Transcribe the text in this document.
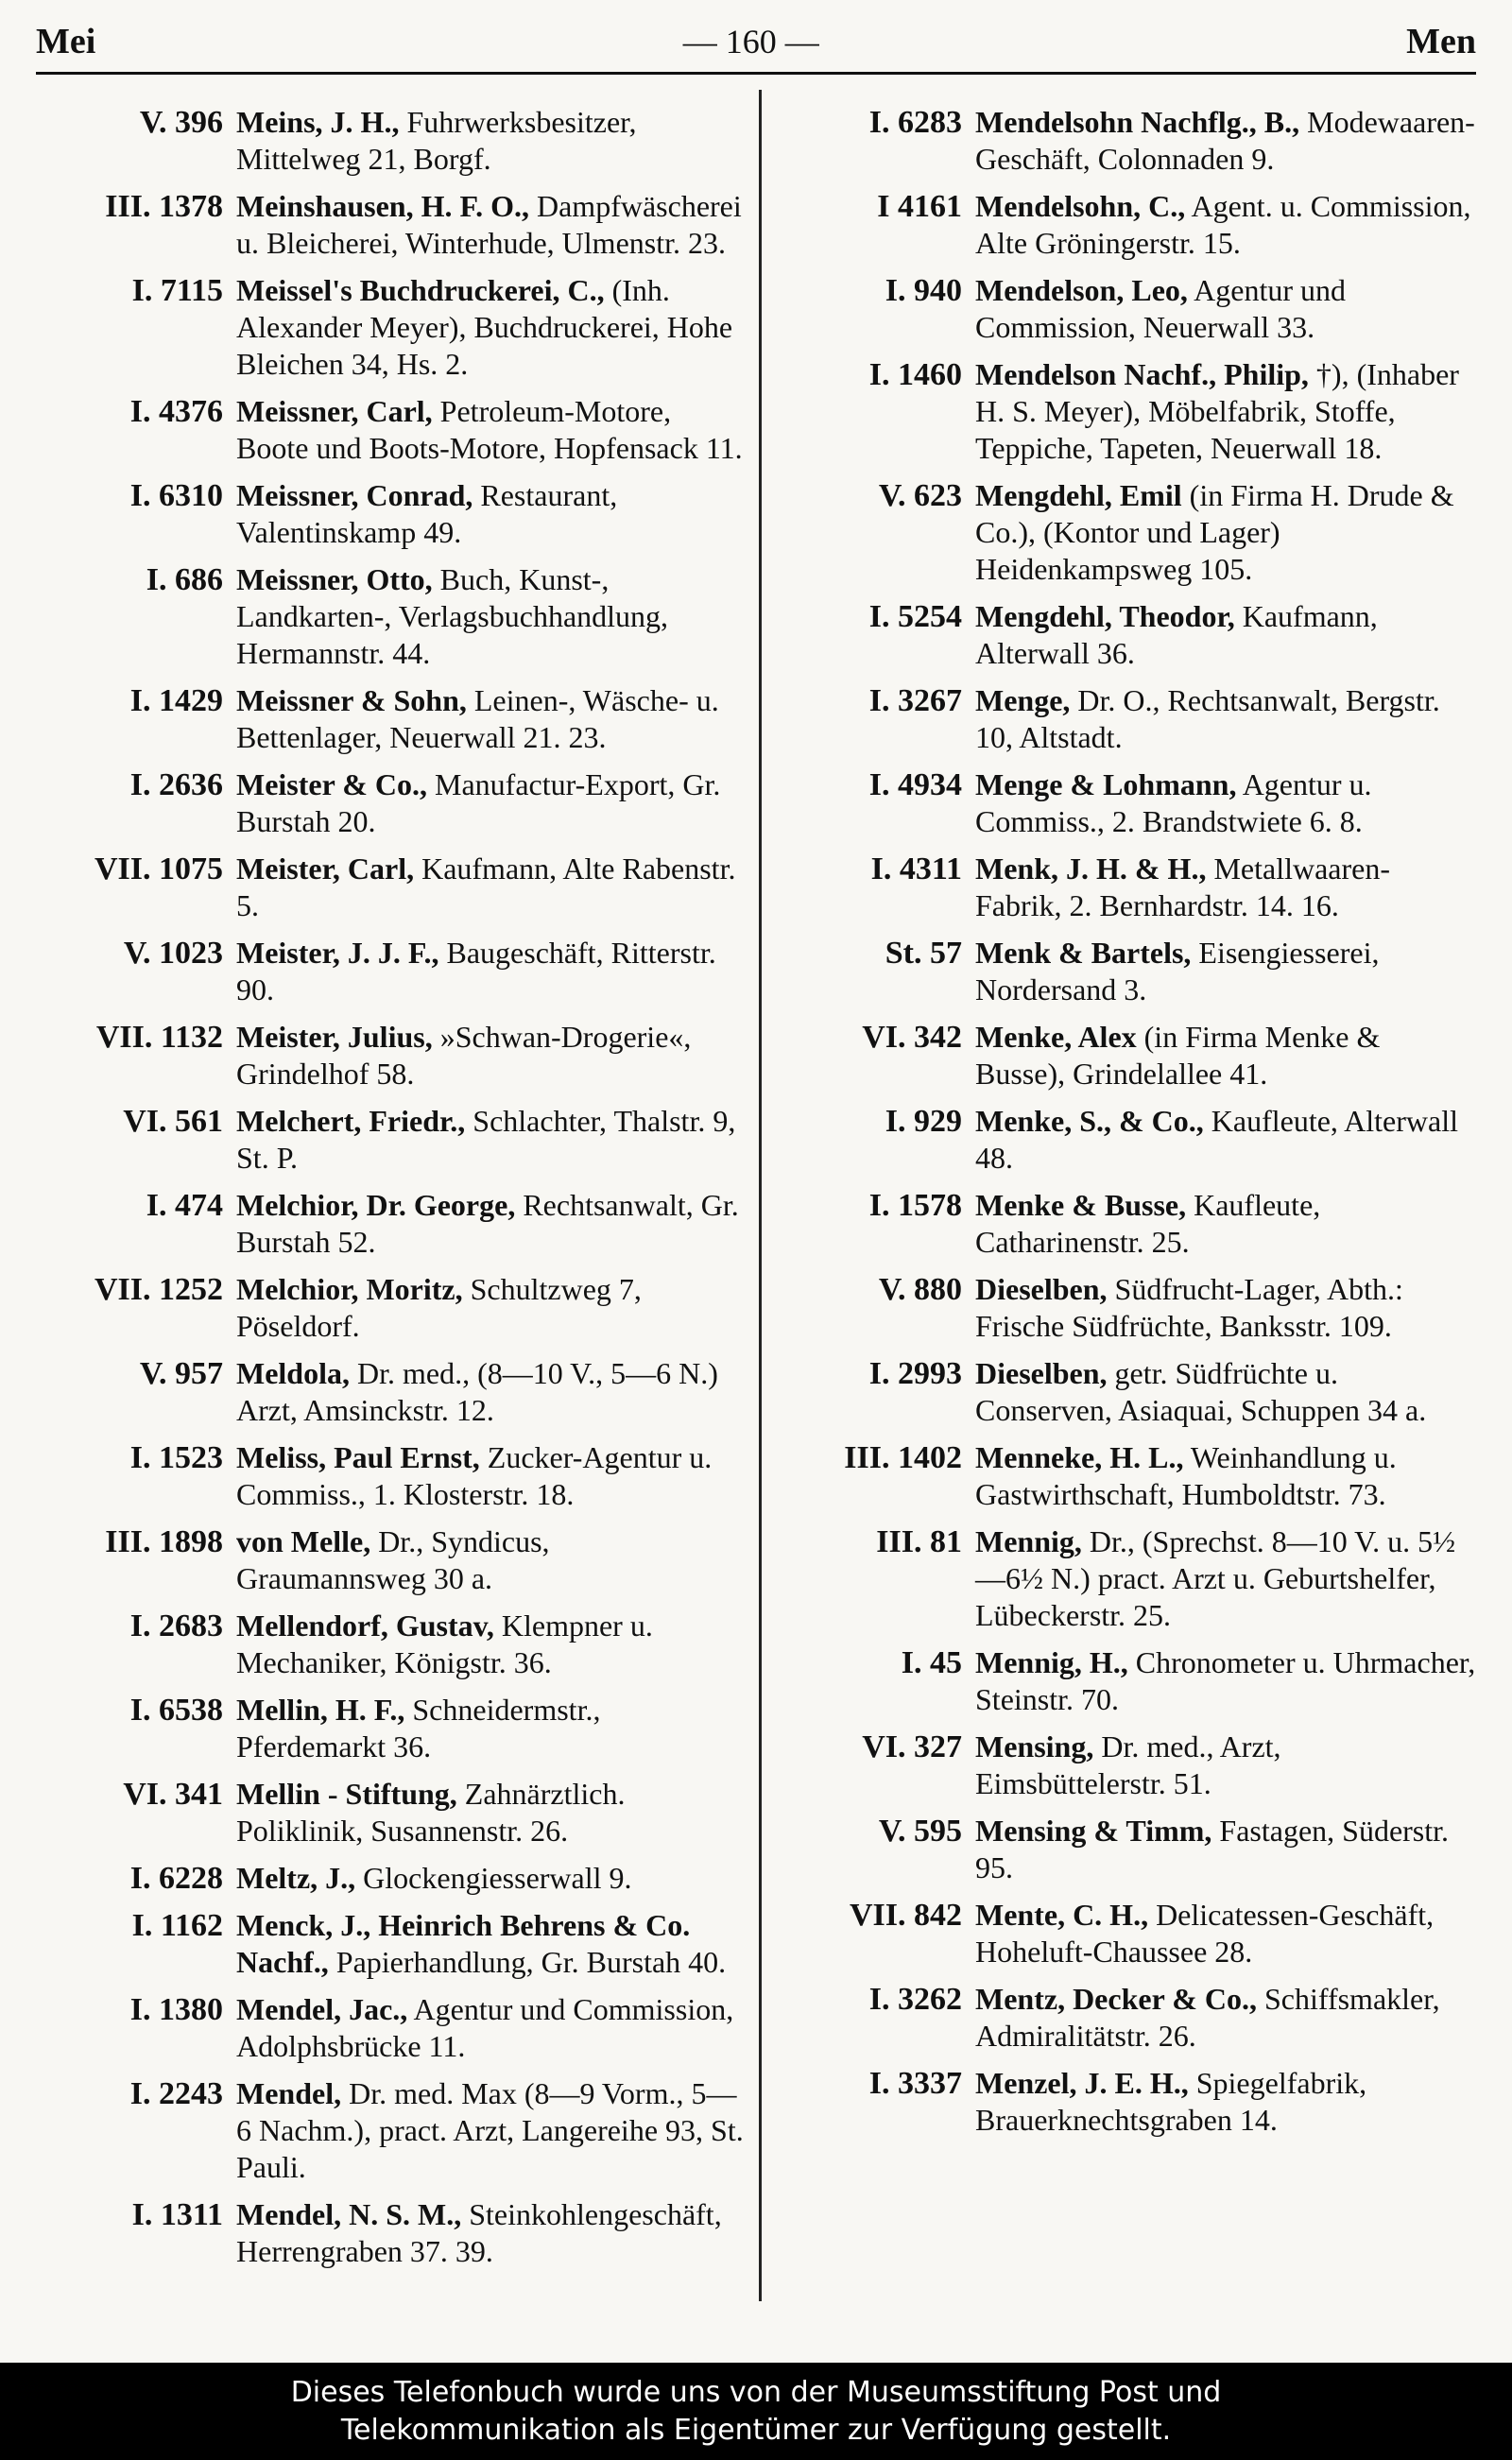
Mei	— 160 —	Men
V. 396 Meins, J. H., Fuhrwerksbesitzer, Mittelweg 21, Borgf.
III. 1378 Meinshausen, H. F. O., Dampfwäscherei u. Bleicherei, Winterhude, Ulmenstr. 23.
I. 7115 Meissel's Buchdruckerei, C., (Inh. Alexander Meyer), Buchdruckerei, Hohe Bleichen 34, Hs. 2.
I. 4376 Meissner, Carl, Petroleum-Motore, Boote und Boots-Motore, Hopfensack 11.
I. 6310 Meissner, Conrad, Restaurant, Valentinskamp 49.
I. 686 Meissner, Otto, Buch, Kunst-, Landkarten-, Verlagsbuchhandlung, Hermannstr. 44.
I. 1429 Meissner & Sohn, Leinen-, Wäsche- u. Bettenlager, Neuerwall 21. 23.
I. 2636 Meister & Co., Manufactur-Export, Gr. Burstah 20.
VII. 1075 Meister, Carl, Kaufmann, Alte Rabenstr. 5.
V. 1023 Meister, J. J. F., Baugeschäft, Ritterstr. 90.
VII. 1132 Meister, Julius, »Schwan-Drogerie«, Grindelhof 58.
VI. 561 Melchert, Friedr., Schlachter, Thalstr. 9, St. P.
I. 474 Melchior, Dr. George, Rechtsanwalt, Gr. Burstah 52.
VII. 1252 Melchior, Moritz, Schultzweg 7, Pöseldorf.
V. 957 Meldola, Dr. med., (8—10 V., 5—6 N.) Arzt, Amsinckstr. 12.
I. 1523 Meliss, Paul Ernst, Zucker-Agentur u. Commiss., 1. Klosterstr. 18.
III. 1898 von Melle, Dr., Syndicus, Graumannsweg 30 a.
I. 2683 Mellendorf, Gustav, Klempner u. Mechaniker, Königstr. 36.
I. 6538 Mellin, H. F., Schneidermstr., Pferdemarkt 36.
VI. 341 Mellin - Stiftung, Zahnärztlich. Poliklinik, Susannenstr. 26.
I. 6228 Meltz, J., Glockengiesserwall 9.
I. 1162 Menck, J., Heinrich Behrens & Co. Nachf., Papierhandlung, Gr. Burstah 40.
I. 1380 Mendel, Jac., Agentur und Commission, Adolphsbrücke 11.
I. 2243 Mendel, Dr. med. Max (8—9 Vorm., 5—6 Nachm.), pract. Arzt, Langereihe 93, St. Pauli.
I. 1311 Mendel, N. S. M., Steinkohlengeschäft, Herrengraben 37. 39.
I. 6283 Mendelsohn Nachflg., B., Modewaaren-Geschäft, Colonnaden 9.
I 4161 Mendelsohn, C., Agent. u. Commission, Alte Gröningerstr. 15.
I. 940 Mendelson, Leo, Agentur und Commission, Neuerwall 33.
I. 1460 Mendelson Nachf., Philip, †), (Inhaber H. S. Meyer), Möbelfabrik, Stoffe, Teppiche, Tapeten, Neuerwall 18.
V. 623 Mengdehl, Emil (in Firma H. Drude & Co.), (Kontor und Lager) Heidenkampsweg 105.
I. 5254 Mengdehl, Theodor, Kaufmann, Alterwall 36.
I. 3267 Menge, Dr. O., Rechtsanwalt, Bergstr. 10, Altstadt.
I. 4934 Menge & Lohmann, Agentur u. Commiss., 2. Brandstwiete 6. 8.
I. 4311 Menk, J. H. & H., Metallwaaren-Fabrik, 2. Bernhardstr. 14. 16.
St. 57 Menk & Bartels, Eisengiesserei, Nordersand 3.
VI. 342 Menke, Alex (in Firma Menke & Busse), Grindelallee 41.
I. 929 Menke, S., & Co., Kaufleute, Alterwall 48.
I. 1578 Menke & Busse, Kaufleute, Catharinenstr. 25.
V. 880 Dieselben, Südfrucht-Lager, Abth.: Frische Südfrüchte, Banksstr. 109.
I. 2993 Dieselben, getr. Südfrüchte u. Conserven, Asiaquai, Schuppen 34 a.
III. 1402 Menneke, H. L., Weinhandlung u. Gastwirthschaft, Humboldtstr. 73.
III. 81 Mennig, Dr., (Sprechst. 8—10 V. u. 5½—6½ N.) pract. Arzt u. Geburtshelfer, Lübeckerstr. 25.
I. 45 Mennig, H., Chronometer u. Uhrmacher, Steinstr. 70.
VI. 327 Mensing, Dr. med., Arzt, Eimsbüttelerstr. 51.
V. 595 Mensing & Timm, Fastagen, Süderstr. 95.
VII. 842 Mente, C. H., Delicatessen-Geschäft, Hoheluft-Chaussee 28.
I. 3262 Mentz, Decker & Co., Schiffsmakler, Admiralitätstr. 26.
I. 3337 Menzel, J. E. H., Spiegelfabrik, Brauerknechtsgraben 14.
Dieses Telefonbuch wurde uns von der Museumsstiftung Post und
Telekommunikation als Eigentümer zur Verfügung gestellt.
